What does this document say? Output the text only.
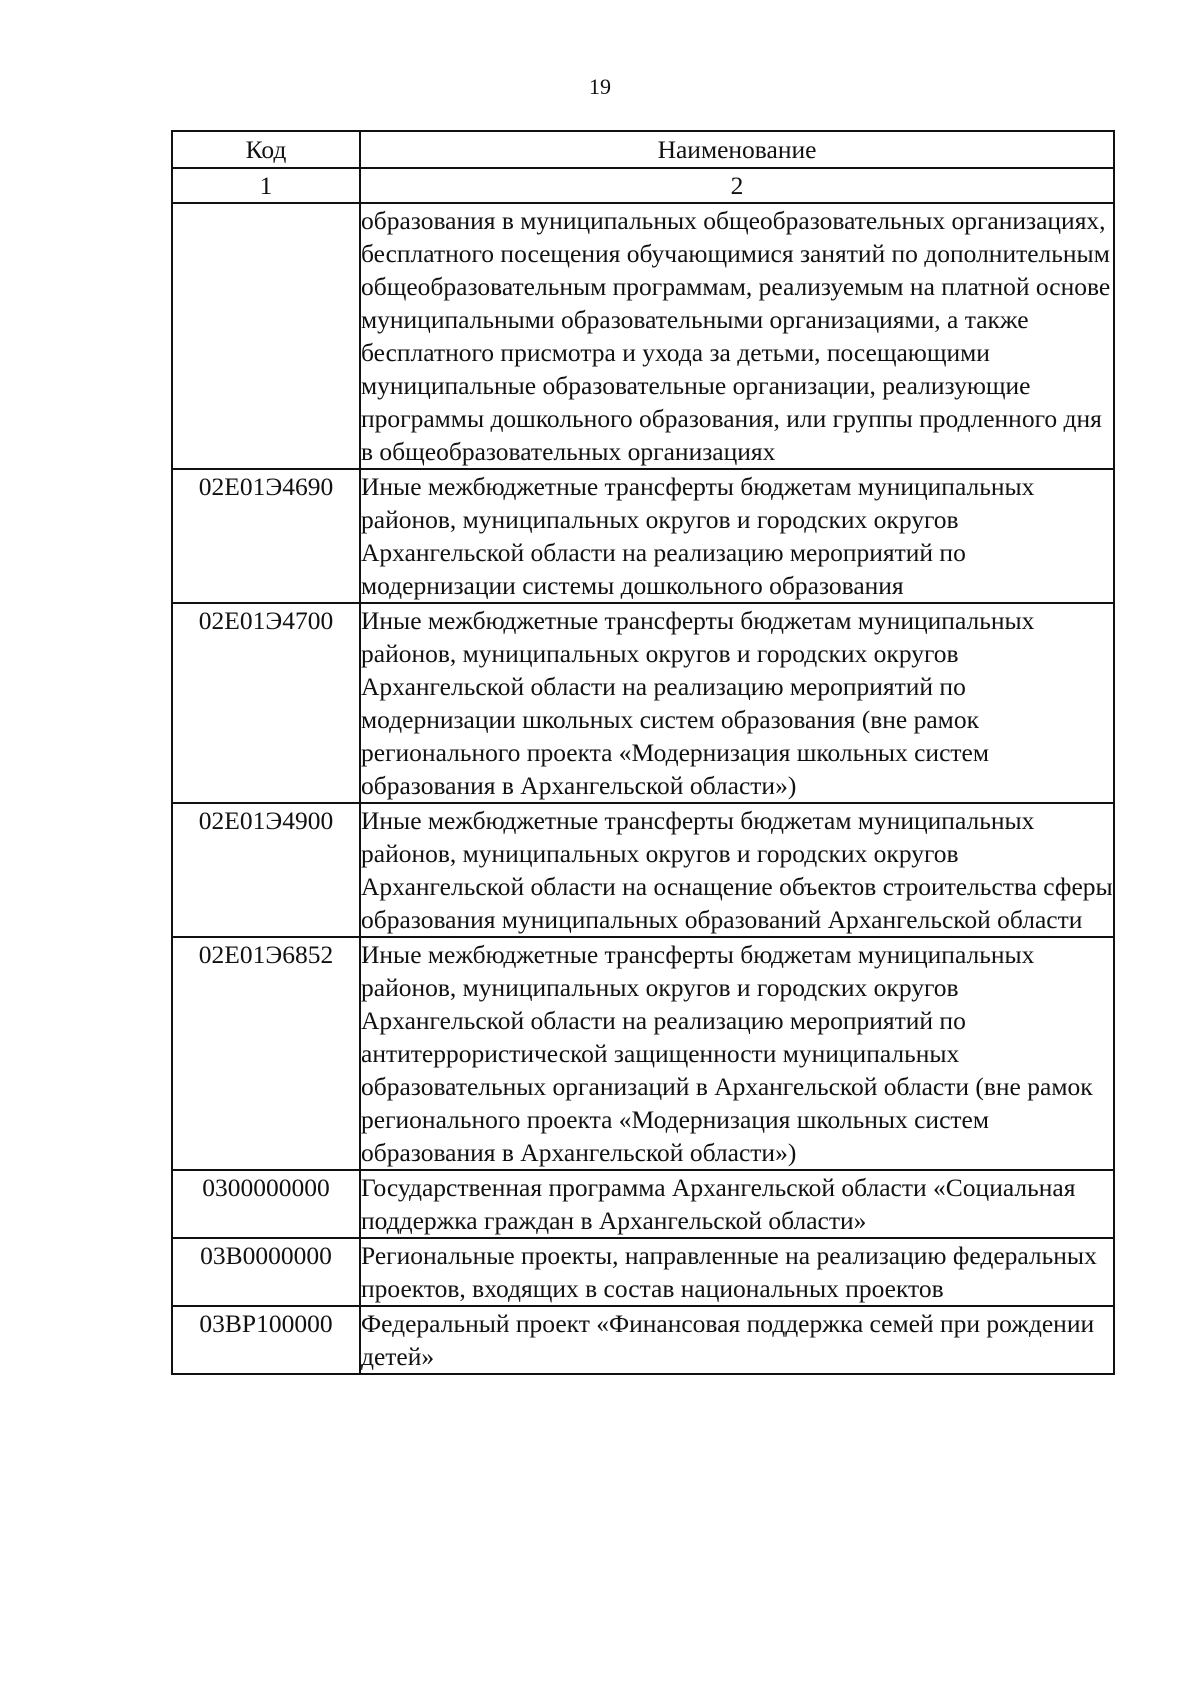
19
Код	Наименование
1	2
	образования в муниципальных общеобразовательных организациях, бесплатного посещения обучающимися занятий по дополнительным общеобразовательным программам, реализуемым на платной основе муниципальными образовательными организациями, а также бесплатного присмотра и ухода за детьми, посещающими муниципальные образовательные организации, реализующие программы дошкольного образования, или группы продленного дня в общеобразовательных организациях
02Е01Э4690	Иные межбюджетные трансферты бюджетам муниципальных районов, муниципальных округов и городских округов Архангельской области на реализацию мероприятий по модернизации системы дошкольного образования
02Е01Э4700	Иные межбюджетные трансферты бюджетам муниципальных районов, муниципальных округов и городских округов Архангельской области на реализацию мероприятий по модернизации школьных систем образования (вне рамок регионального проекта «Модернизация школьных систем образования в Архангельской области»)
02Е01Э4900	Иные межбюджетные трансферты бюджетам муниципальных районов, муниципальных округов и городских округов Архангельской области на оснащение объектов строительства сферы образования муниципальных образований Архангельской области
02Е01Э6852	Иные межбюджетные трансферты бюджетам муниципальных районов, муниципальных округов и городских округов Архангельской области на реализацию мероприятий по антитеррористической защищенности муниципальных образовательных организаций в Архангельской области (вне рамок регионального проекта «Модернизация школьных систем образования в Архангельской области»)
0300000000	Государственная программа Архангельской области «Социальная поддержка граждан в Архангельской области»
03В0000000	Региональные проекты, направленные на реализацию федеральных проектов, входящих в состав национальных проектов
03ВР100000	Федеральный проект «Финансовая поддержка семей при рождении детей»
